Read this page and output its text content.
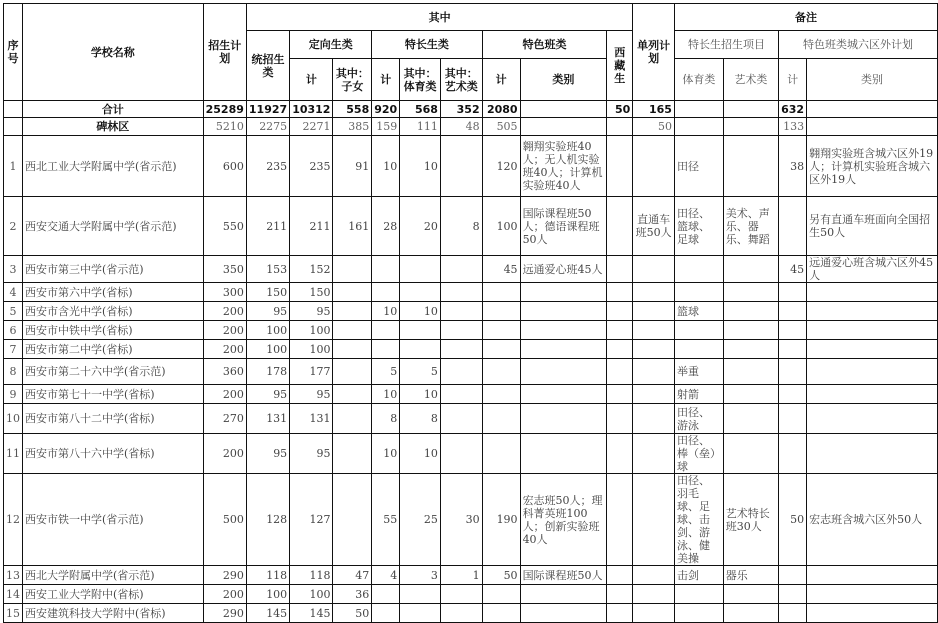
序号	学校名称	招生计划	其中									单列计划	备注			
			统招生类	定向生类		特长生类			特色班类		西藏生		特长生招生项目		特色班类城六区外计划	
				计	其中：子女	计	其中：体育类	其中：艺术类	计	类别			体育类	艺术类	计	类别
	合计	25289	11927	10312	558	920	568	352	2080		50	165			632	
	碑林区	5210	2275	2271	385	159	111	48	505			50			133	
1	西北工业大学附属中学(省示范)	600	235	235	91	10	10		120	翱翔实验班40人；无人机实验班40人；计算机实验班40人			田径		38	翱翔实验班含城六区外19人；计算机实验班含城六区外19人
2	西安交通大学附属中学(省示范)	550	211	211	161	28	20	8	100	国际课程班50人；德语课程班50人		直通车班50人	田径、篮球、足球	美术、声乐、器乐、舞蹈		另有直通车班面向全国招生50人
3	西安市第三中学(省示范)	350	153	152					45	远通爱心班45人					45	远通爱心班含城六区外45人
4	西安市第六中学(省标)	300	150	150												
5	西安市含光中学(省标)	200	95	95		10	10						篮球			
6	西安市中铁中学(省标)	200	100	100												
7	西安市第二中学(省标)	200	100	100												
8	西安市第二十六中学(省示范)	360	178	177		5	5						举重			
9	西安市第七十一中学(省标)	200	95	95		10	10						射箭			
10	西安市第八十二中学(省标)	270	131	131		8	8						田径、游泳			
11	西安市第八十六中学(省标)	200	95	95		10	10						田径、棒（垒）球			
12	西安市铁一中学(省示范)	500	128	127		55	25	30	190	宏志班50人；理科菁英班100人；创新实验班40人			田径、羽毛球、足球、击剑、游泳、健美操	艺术特长班30人	50	宏志班含城六区外50人
13	西北大学附属中学(省示范)	290	118	118	47	4	3	1	50	国际课程班50人			击剑	器乐		
14	西安工业大学附中(省标)	200	100	100	36											
15	西安建筑科技大学附中(省标)	290	145	145	50											
